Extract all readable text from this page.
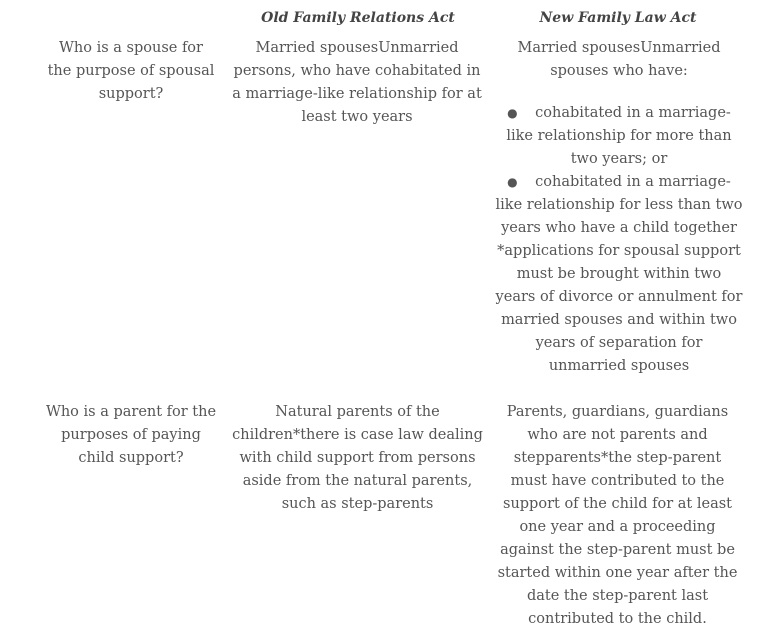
Old Family Relations Act	New Family Law Act

Who is a spouse for the purpose of spousal support?

Married spousesUnmarried persons, who have cohabitated in a marriage-like relationship for at least two years

Married spousesUnmarried spouses who have:

● cohabitated in a marriage-like relationship for more than two years; or
● cohabitated in a marriage-like relationship for less than two years who have a child together

*applications for spousal support must be brought within two years of divorce or annulment for married spouses and within two years of separation for unmarried spouses

Who is a parent for the purposes of paying child support?

Natural parents of the children*there is case law dealing with child support from persons aside from the natural parents, such as step-parents

Parents, guardians, guardians who are not parents and stepparents*the step-parent must have contributed to the support of the child for at least one year and a proceeding against the step-parent must be started within one year after the date the step-parent last contributed to the child.
